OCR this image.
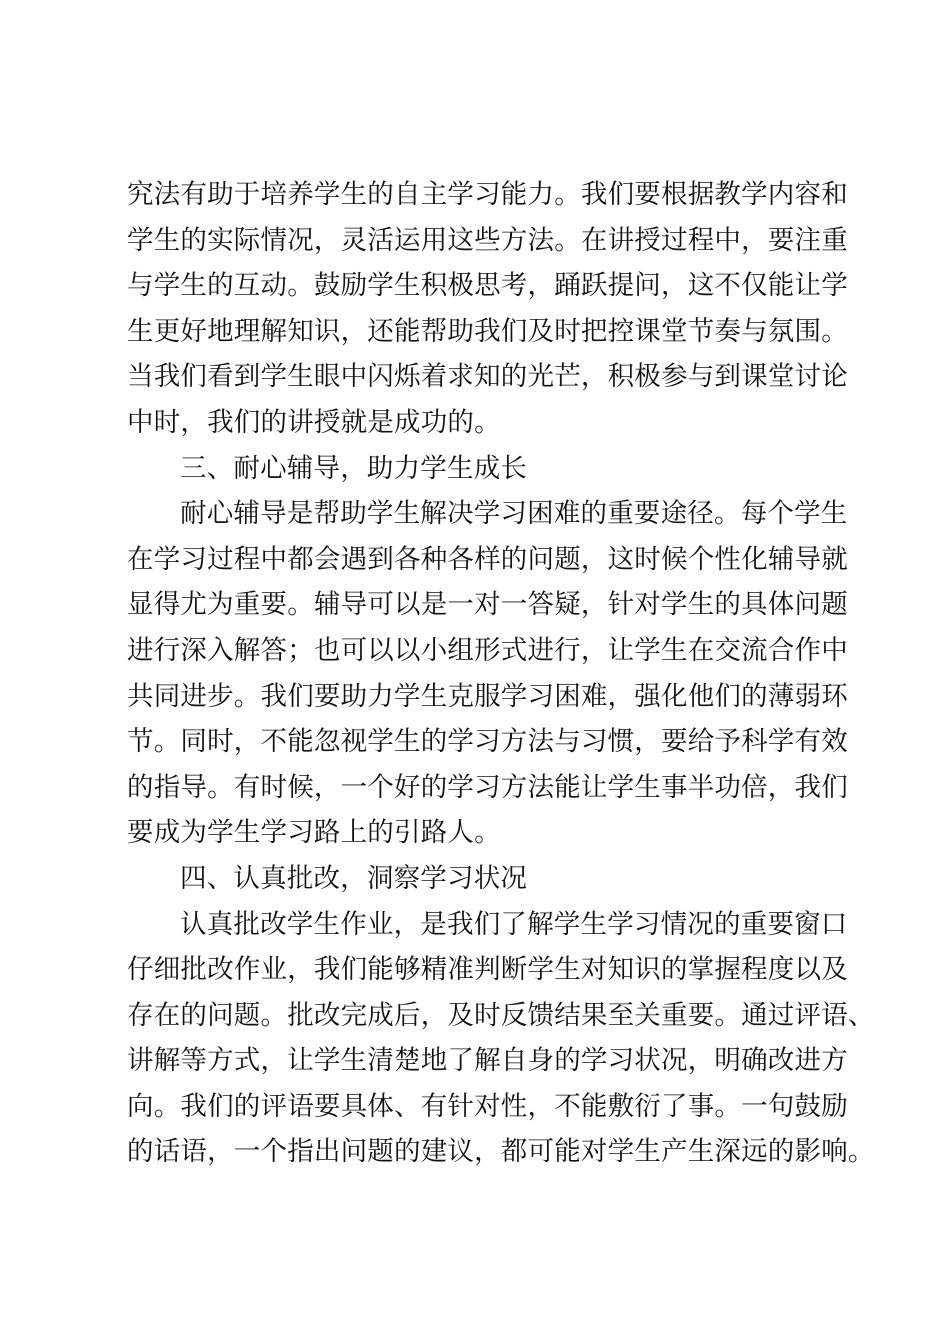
究法有助于培养学生的自主学习能力。我们要根据教学内容和
学生的实际情况，灵活运用这些方法。在讲授过程中，要注重
与学生的互动。鼓励学生积极思考，踊跃提问，这不仅能让学
生更好地理解知识，还能帮助我们及时把控课堂节奏与氛围。
当我们看到学生眼中闪烁着求知的光芒，积极参与到课堂讨论
中时，我们的讲授就是成功的。
三、耐心辅导，助力学生成长
耐心辅导是帮助学生解决学习困难的重要途径。每个学生
在学习过程中都会遇到各种各样的问题，这时候个性化辅导就
显得尤为重要。辅导可以是一对一答疑，针对学生的具体问题
进行深入解答；也可以以小组形式进行，让学生在交流合作中
共同进步。我们要助力学生克服学习困难，强化他们的薄弱环
节。同时，不能忽视学生的学习方法与习惯，要给予科学有效
的指导。有时候，一个好的学习方法能让学生事半功倍，我们
要成为学生学习路上的引路人。
四、认真批改，洞察学习状况
认真批改学生作业，是我们了解学生学习情况的重要窗口
仔细批改作业，我们能够精准判断学生对知识的掌握程度以及
存在的问题。批改完成后，及时反馈结果至关重要。通过评语、
讲解等方式，让学生清楚地了解自身的学习状况，明确改进方
向。我们的评语要具体、有针对性，不能敷衍了事。一句鼓励
的话语，一个指出问题的建议，都可能对学生产生深远的影响。
